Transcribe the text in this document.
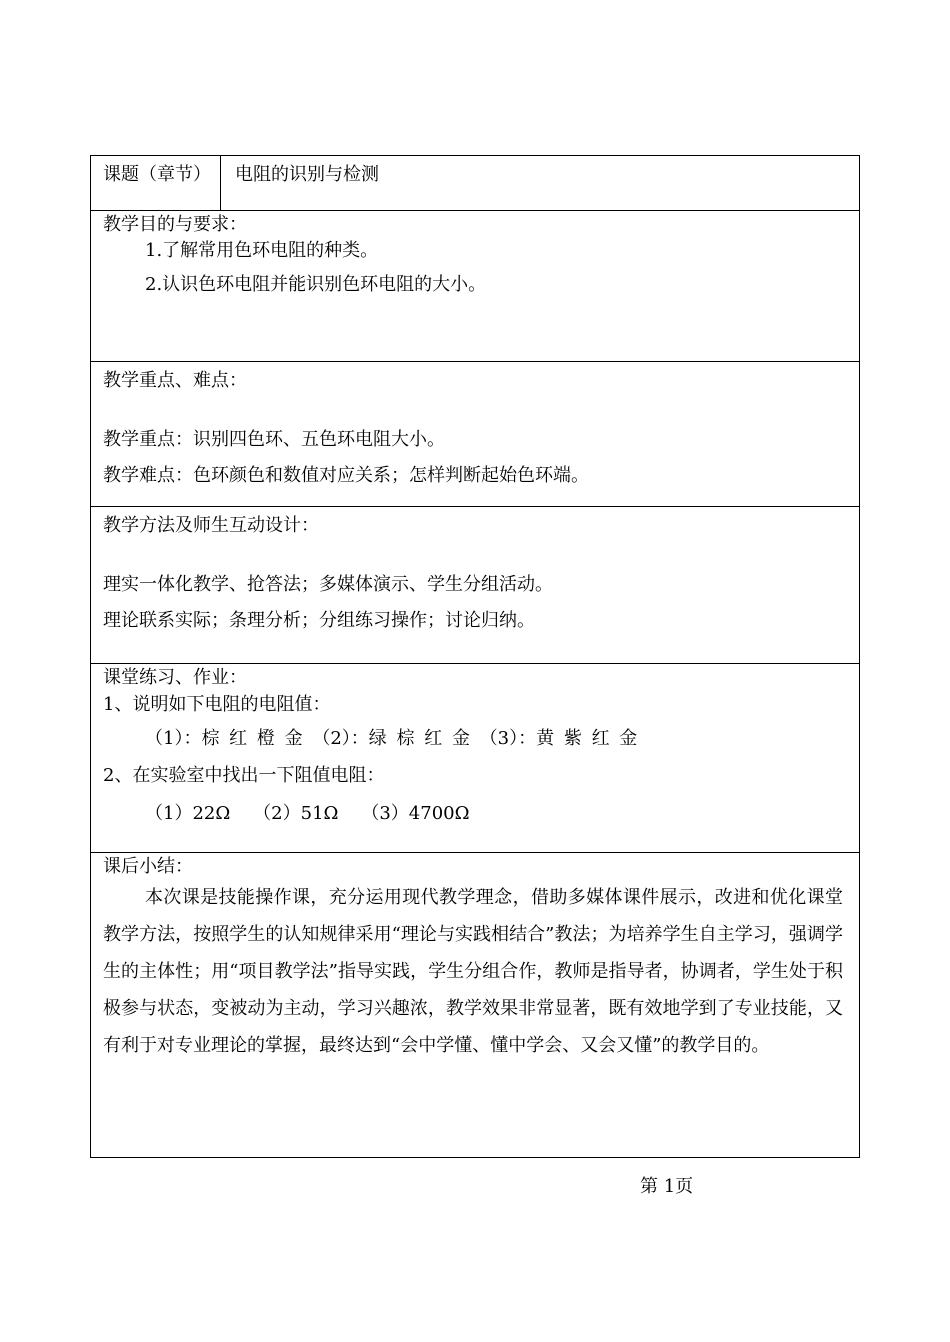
课题（章节）	电阻的识别与检测

教学目的与要求：
1.了解常用色环电阻的种类。
2.认识色环电阻并能识别色环电阻的大小。

教学重点、难点：
教学重点：识别四色环、五色环电阻大小。
教学难点：色环颜色和数值对应关系；怎样判断起始色环端。

教学方法及师生互动设计：
理实一体化教学、抢答法；多媒体演示、学生分组活动。
理论联系实际；条理分析；分组练习操作；讨论归纳。

课堂练习、作业：
1、说明如下电阻的电阻值：
（1）：棕 红 橙 金 （2）：绿 棕 红 金 （3）：黄 紫 红 金
2、在实验室中找出一下阻值电阻：
（1）22Ω    （2）51Ω    （3）4700Ω

课后小结：
本次课是技能操作课，充分运用现代教学理念，借助多媒体课件展示，改进和优化课堂教学方法，按照学生的认知规律采用“理论与实践相结合”教法；为培养学生自主学习，强调学生的主体性；用“项目教学法”指导实践，学生分组合作，教师是指导者，协调者，学生处于积极参与状态，变被动为主动，学习兴趣浓，教学效果非常显著，既有效地学到了专业技能，又有利于对专业理论的掌握，最终达到“会中学懂、懂中学会、又会又懂”的教学目的。
第 1页
